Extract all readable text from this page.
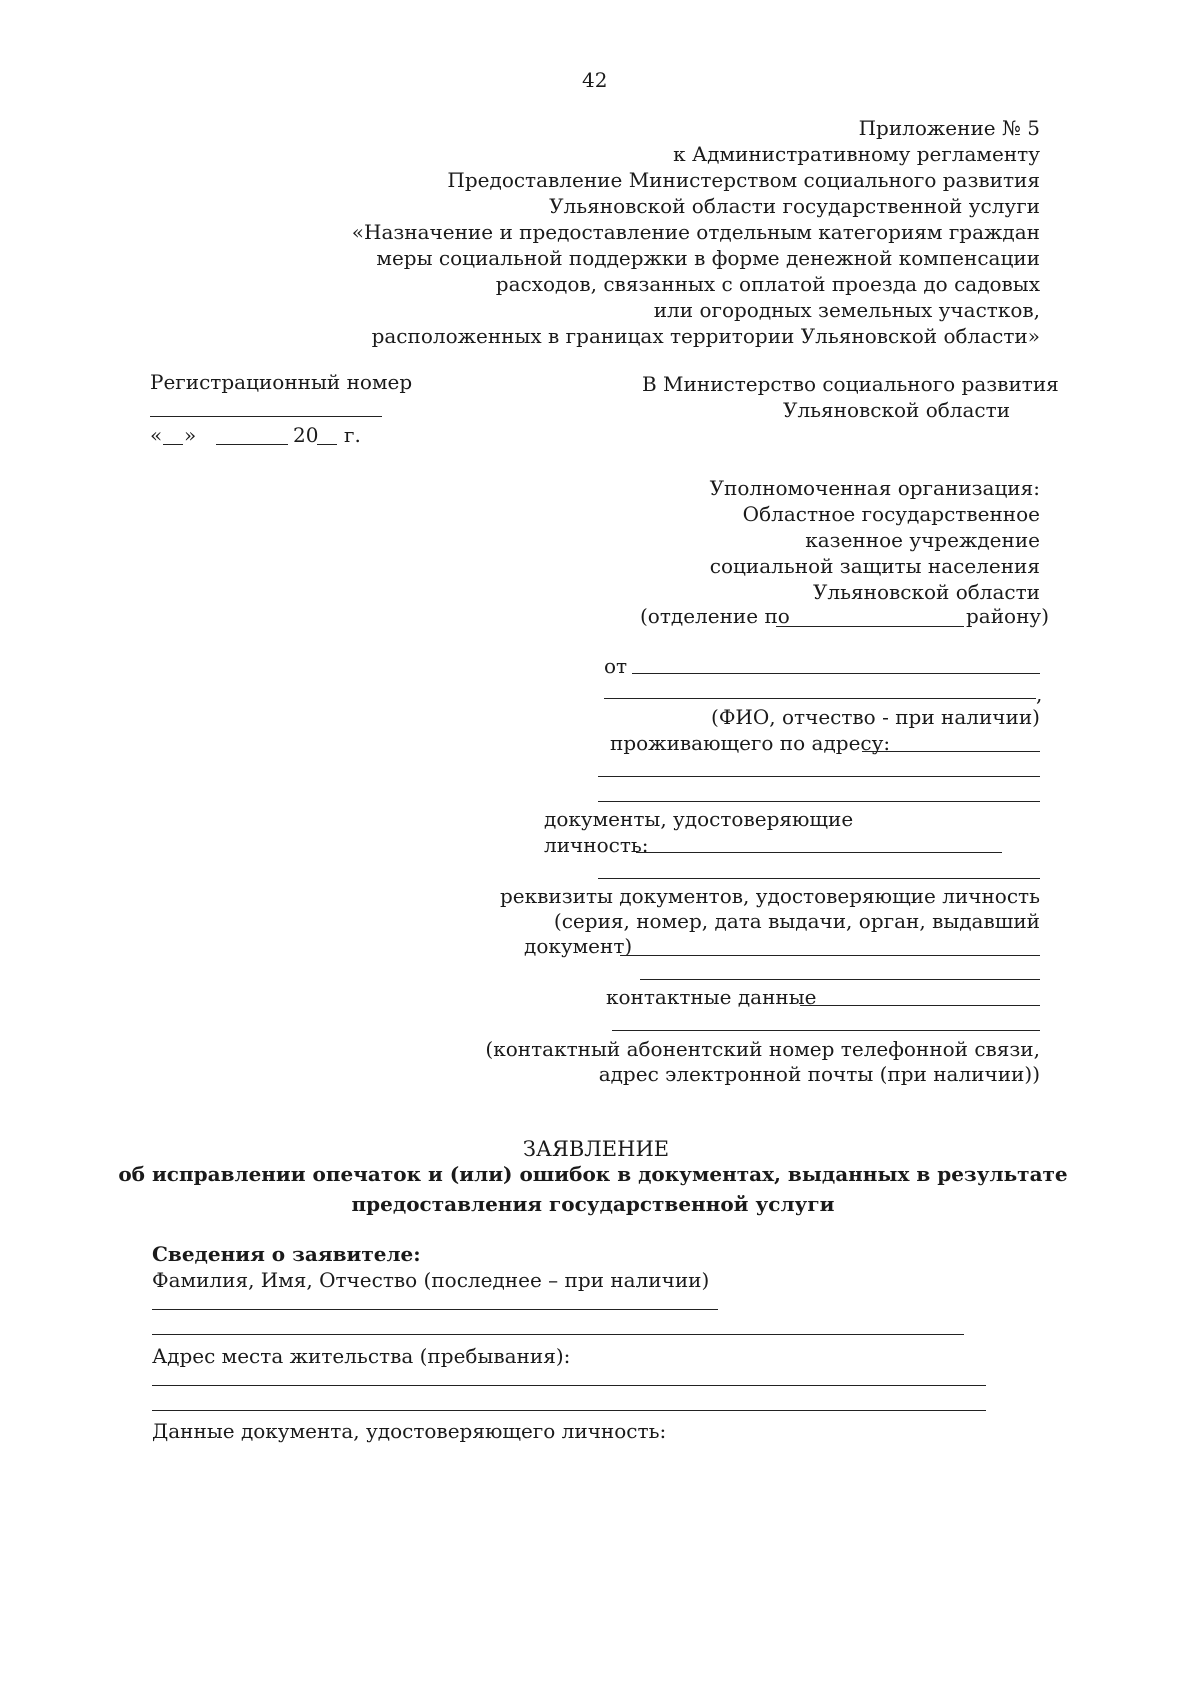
42
Приложение № 5
к Административному регламенту
Предоставление Министерством социального развития
Ульяновской области государственной услуги
«Назначение и предоставление отдельным категориям граждан
меры социальной поддержки в форме денежной компенсации
расходов, связанных с оплатой проезда до садовых
или огородных земельных участков,
расположенных в границах территории Ульяновской области»
Регистрационный номер
« »	20 г.
В Министерство социального развития
Ульяновской области
Уполномоченная организация:
Областное государственное
казенное учреждение
социальной защиты населения
Ульяновской области
(отделение по	району)
от
,
(ФИО, отчество - при наличии)
проживающего по адресу:
документы, удостоверяющие
личность:
реквизиты документов, удостоверяющие личность
(серия, номер, дата выдачи, орган, выдавший
документ)
контактные данные
(контактный абонентский номер телефонной связи,
адрес электронной почты (при наличии))
ЗАЯВЛЕНИЕ
об исправлении опечаток и (или) ошибок в документах, выданных в результате
предоставления государственной услуги
Сведения о заявителе:
Фамилия, Имя, Отчество (последнее – при наличии)
Адрес места жительства (пребывания):
Данные документа, удостоверяющего личность:
